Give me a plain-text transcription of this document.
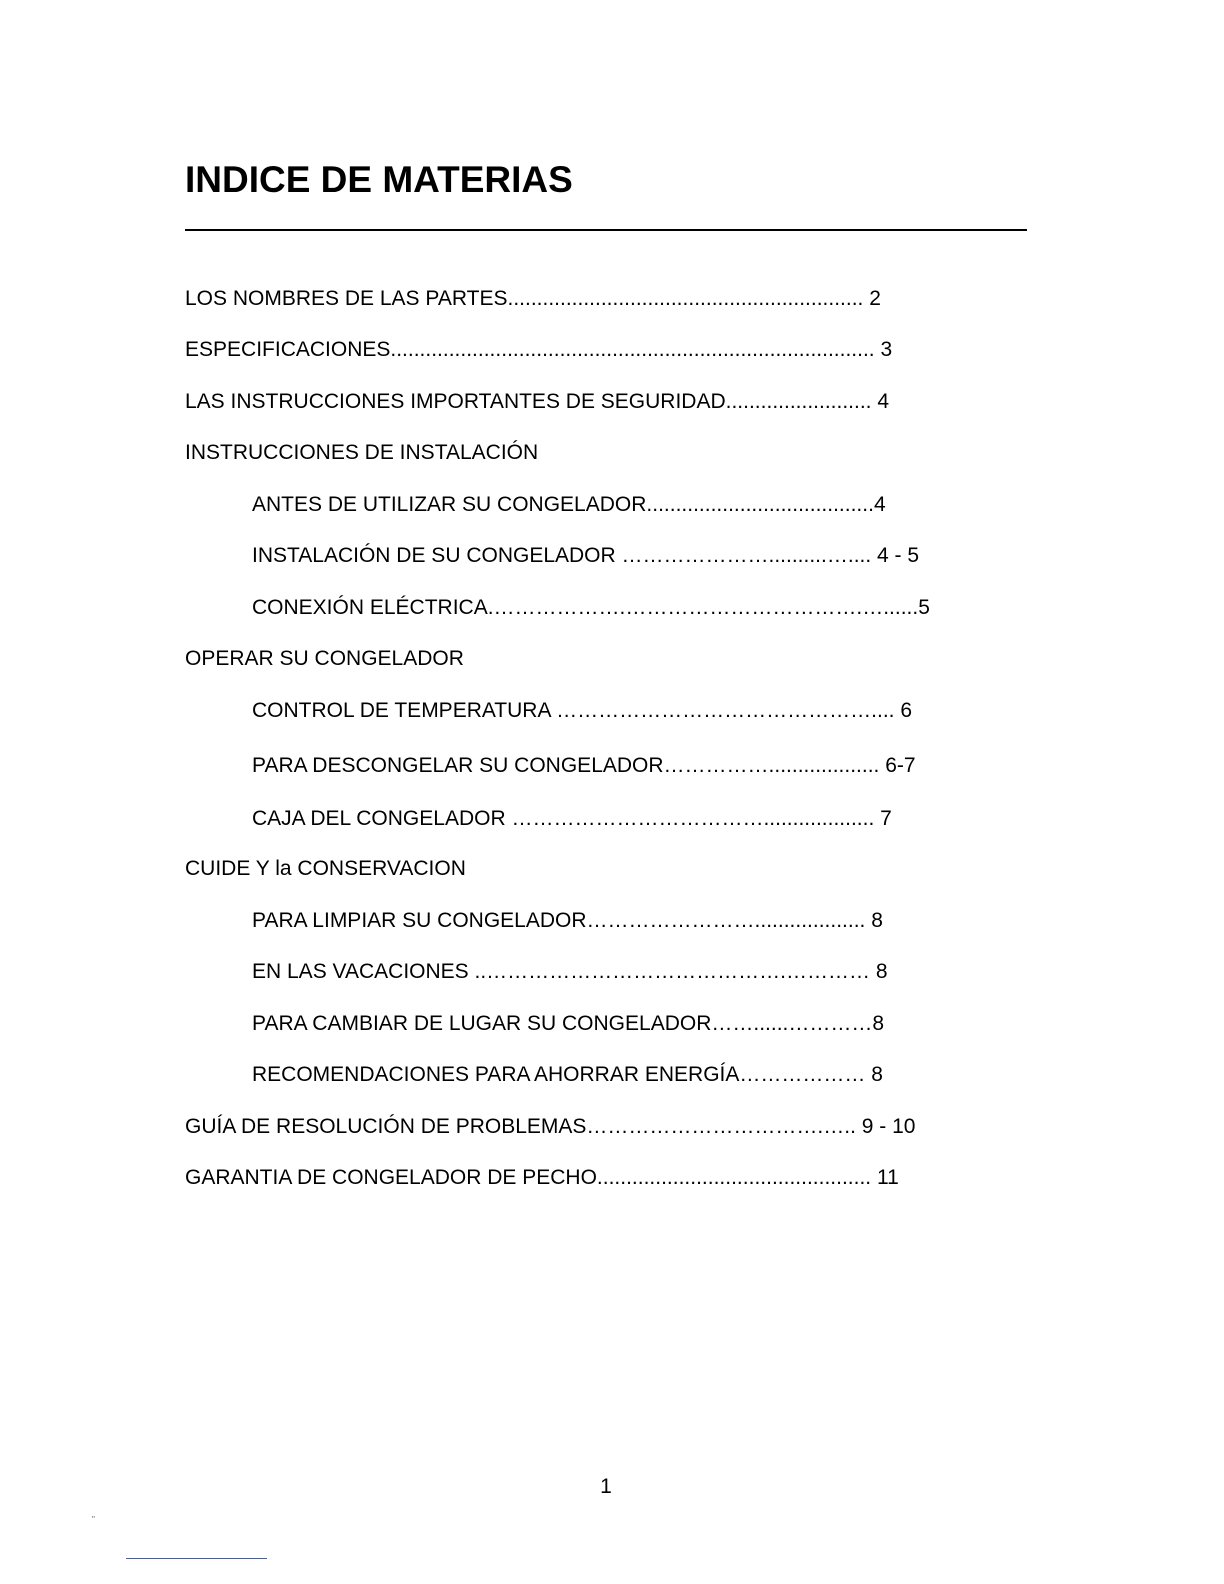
INDICE DE MATERIAS
LOS NOMBRES DE LAS PARTES............................................................. 2
ESPECIFICACIONES................................................................................... 3
LAS INSTRUCCIONES IMPORTANTES DE SEGURIDAD......................... 4
INSTRUCCIONES DE INSTALACIÓN
ANTES DE UTILIZAR SU CONGELADOR.......................................4
INSTALACIÓN DE SU CONGELADOR …………………..........….... 4 - 5
CONEXIÓN ELÉCTRICA.……………….…………………………….…......5
OPERAR SU CONGELADOR
CONTROL DE TEMPERATURA ……………………………………….... 6
PARA DESCONGELAR SU CONGELADOR……………................... 6-7
CAJA DEL CONGELADOR ………………………………................... 7
CUIDE Y la CONSERVACION
PARA LIMPIAR SU CONGELADOR……………………................... 8
EN LAS VACACIONES ..…………………………………….………… 8
PARA CAMBIAR DE LUGAR SU CONGELADOR……......…………8
RECOMENDACIONES PARA AHORRAR ENERGÍA……………… 8
GUÍA DE RESOLUCIÓN DE PROBLEMAS…………………………….….. 9 - 10
GARANTIA DE CONGELADOR DE PECHO............................................... 11
1
"
